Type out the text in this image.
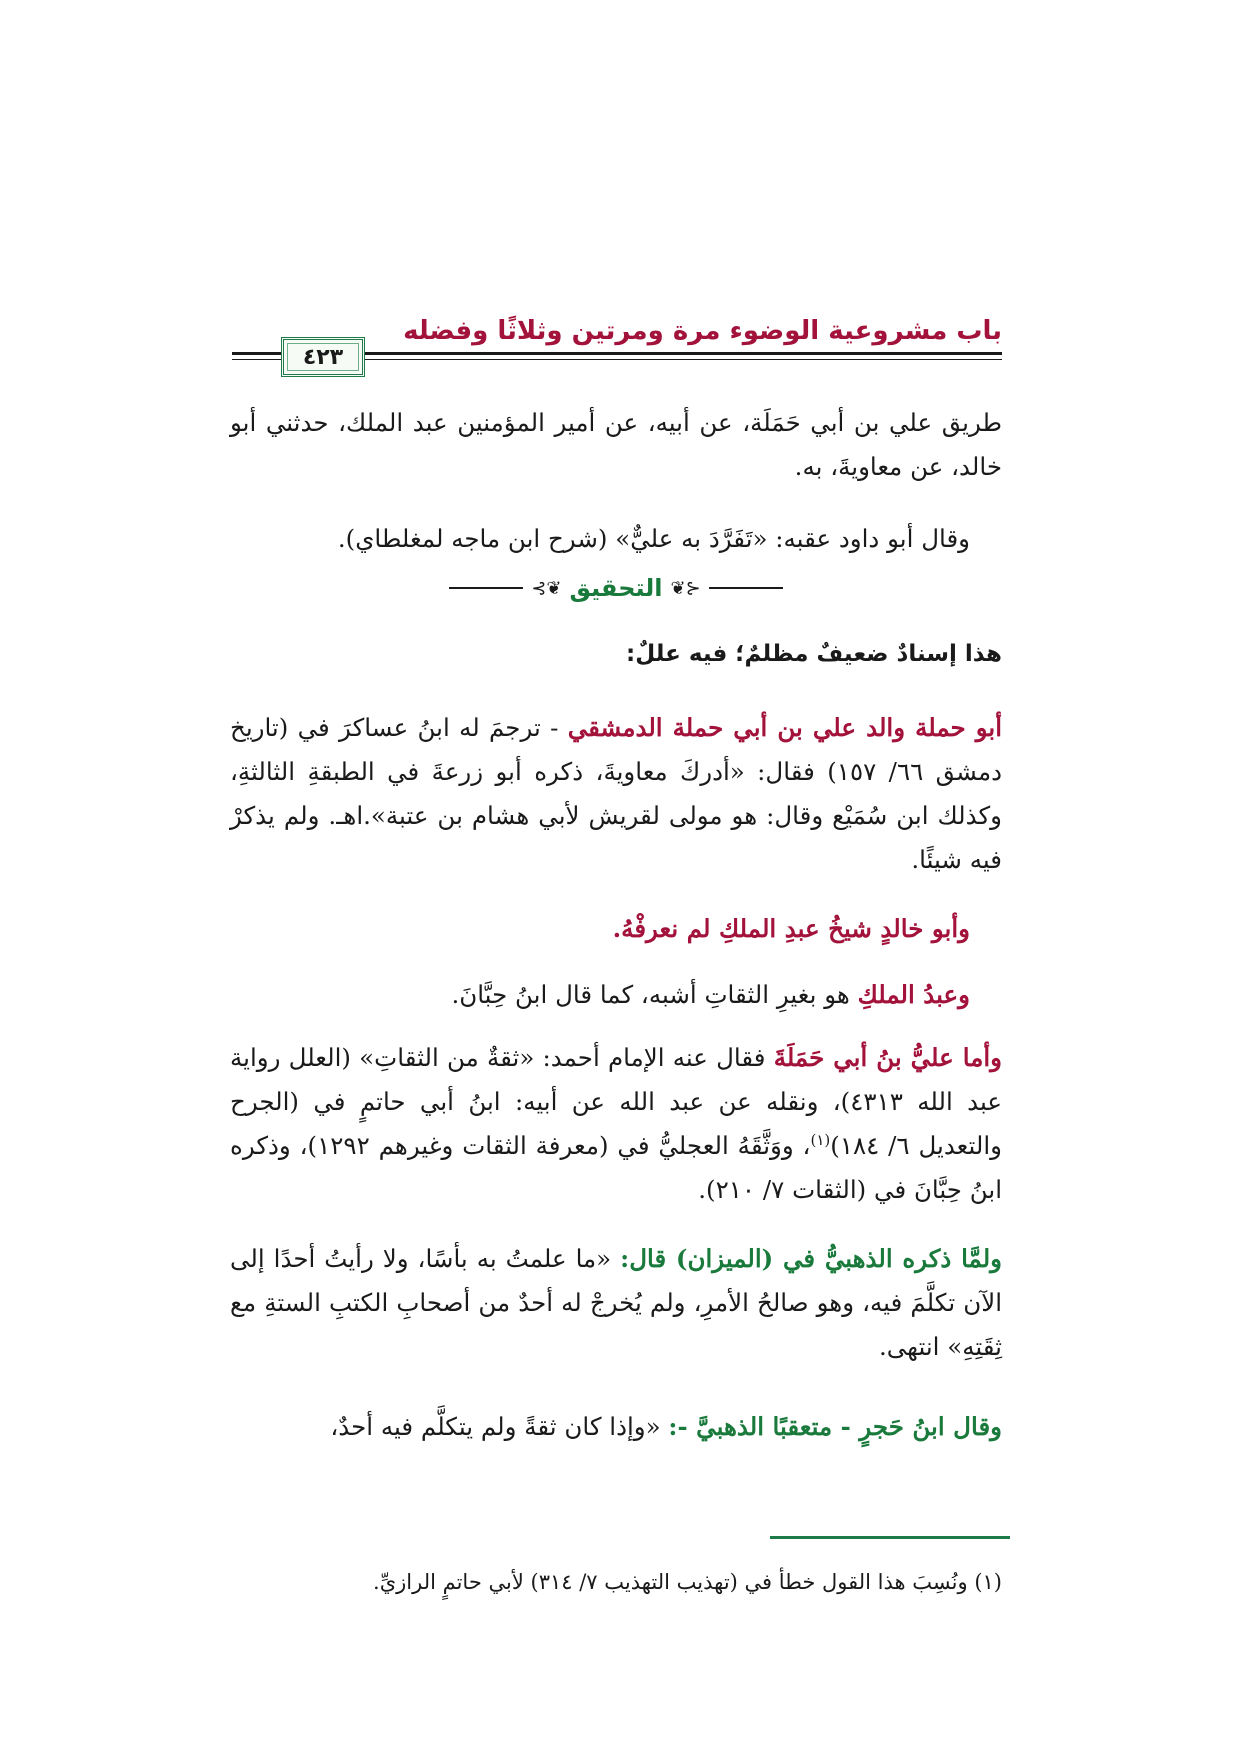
باب مشروعية الوضوء مرة ومرتين وثلاثًا وفضله
٤٢٣

طريق علي بن أبي حَمَلَة، عن أبيه، عن أمير المؤمنين عبد الملك، حدثني أبو خالد، عن معاويةَ، به.

وقال أبو داود عقبه: «تَفَرَّدَ به عليٌّ» (شرح ابن ماجه لمغلطاي).

⊰❦
التحقيق
❦⊱

هذا إسنادٌ ضعيفٌ مظلمٌ؛ فيه عللٌ:

أبو حملة والد علي بن أبي حملة الدمشقي - ترجمَ له ابنُ عساكرَ في (تاريخ دمشق ٦٦/ ١٥٧) فقال: «أدركَ معاويةَ، ذكره أبو زرعةَ في الطبقةِ الثالثةِ، وكذلك ابن سُمَيْع وقال: هو مولى لقريش لأبي هشام بن عتبة».اهـ. ولم يذكرْ فيه شيئًا.

وأبو خالدٍ شيخُ عبدِ الملكِ لم نعرفْهُ.

وعبدُ الملكِ هو بغيرِ الثقاتِ أشبه، كما قال ابنُ حِبَّانَ.

وأما عليُّ بنُ أبي حَمَلَةَ فقال عنه الإمام أحمد: «ثقةٌ من الثقاتِ» (العلل رواية عبد الله ٤٣١٣)، ونقله عن عبد الله عن أبيه: ابنُ أبي حاتمٍ في (الجرح والتعديل ٦/ ١٨٤)$^{(١)}$، ووَثَّقَهُ العجليُّ في (معرفة الثقات وغيرهم ١٢٩٢)، وذكره ابنُ حِبَّانَ في (الثقات ٧/ ٢١٠).

ولمَّا ذكره الذهبيُّ في (الميزان) قال: «ما علمتُ به بأسًا، ولا رأيتُ أحدًا إلى الآن تكلَّمَ فيه، وهو صالحُ الأمرِ، ولم يُخرجْ له أحدٌ من أصحابِ الكتبِ الستةِ مع ثِقَتِهِ» انتهى.

وقال ابنُ حَجرٍ - متعقبًا الذهبيَّ -: «وإذا كان ثقةً ولم يتكلَّم فيه أحدٌ،

(١) ونُسِبَ هذا القول خطأ في (تهذيب التهذيب ٧/ ٣١٤) لأبي حاتمٍ الرازيِّ.
